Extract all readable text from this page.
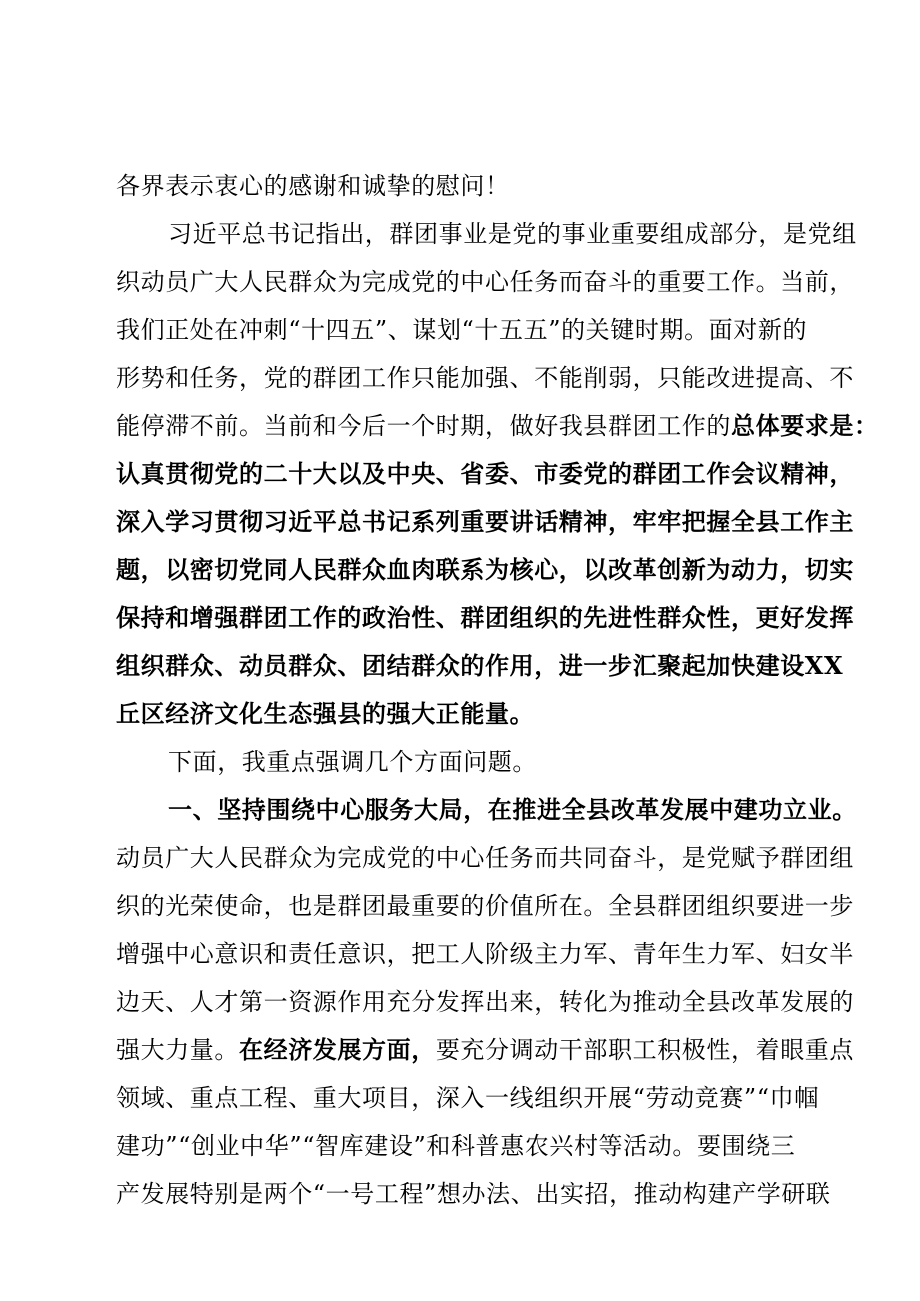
各界表示衷心的感谢和诚挚的慰问！
习近平总书记指出，群团事业是党的事业重要组成部分，是党组
织动员广大人民群众为完成党的中心任务而奋斗的重要工作。当前，
我们正处在冲刺“十四五”、谋划“十五五”的关键时期。面对新的
形势和任务，党的群团工作只能加强、不能削弱，只能改进提高、不
能停滞不前。当前和今后一个时期，做好我县群团工作的总体要求是：
认真贯彻党的二十大以及中央、省委、市委党的群团工作会议精神，
深入学习贯彻习近平总书记系列重要讲话精神，牢牢把握全县工作主
题，以密切党同人民群众血肉联系为核心，以改革创新为动力，切实
保持和增强群团工作的政治性、群团组织的先进性群众性，更好发挥
组织群众、动员群众、团结群众的作用，进一步汇聚起加快建设XX
丘区经济文化生态强县的强大正能量。
下面，我重点强调几个方面问题。
一、坚持围绕中心服务大局，在推进全县改革发展中建功立业。
动员广大人民群众为完成党的中心任务而共同奋斗，是党赋予群团组
织的光荣使命，也是群团最重要的价值所在。全县群团组织要进一步
增强中心意识和责任意识，把工人阶级主力军、青年生力军、妇女半
边天、人才第一资源作用充分发挥出来，转化为推动全县改革发展的
强大力量。在经济发展方面，要充分调动干部职工积极性，着眼重点
领域、重点工程、重大项目，深入一线组织开展“劳动竞赛”“巾帼
建功”“创业中华”“智库建设”和科普惠农兴村等活动。要围绕三
产发展特别是两个“一号工程”想办法、出实招，推动构建产学研联
